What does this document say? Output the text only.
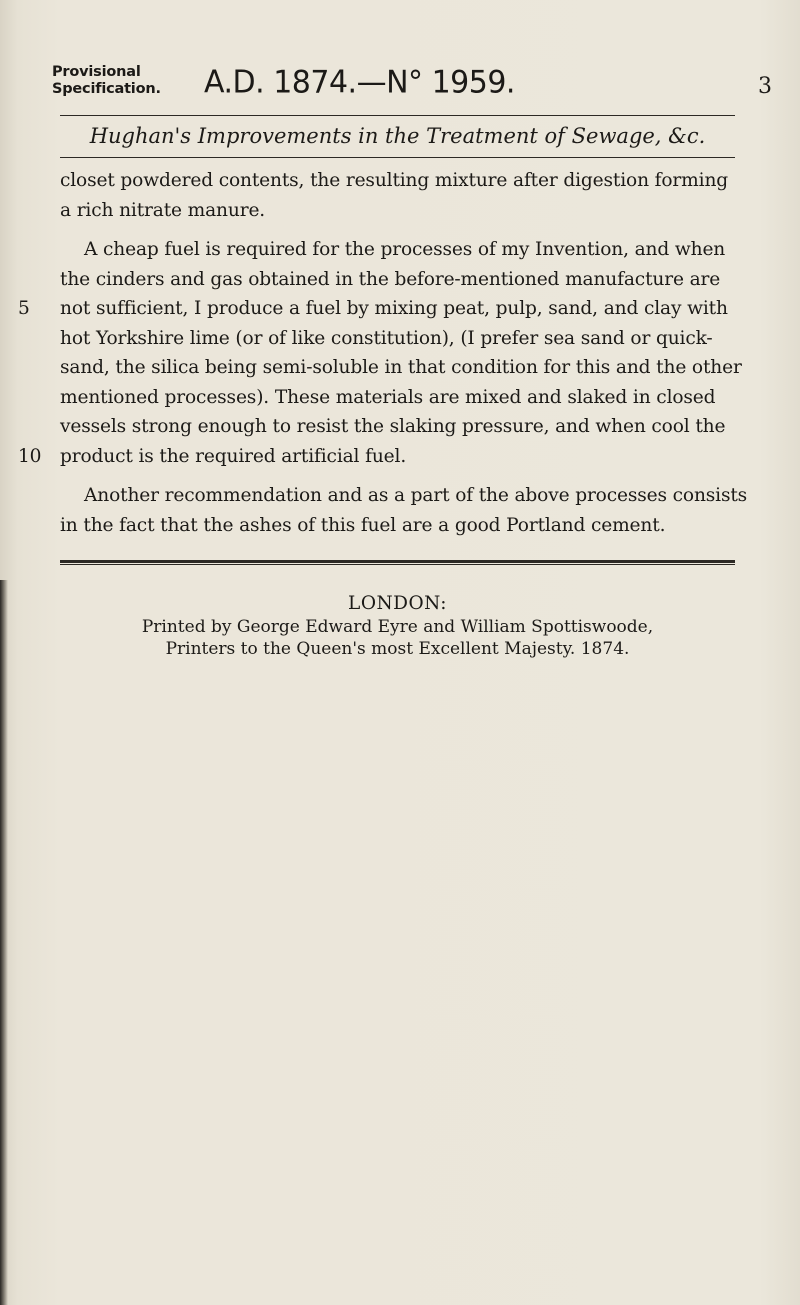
Provisional
Specification. A.D. 1874.—N° 1959.	3
Hughan's Improvements in the Treatment of Sewage, &c.
closet powdered contents, the resulting mixture after digestion forming
a rich nitrate manure.
A cheap fuel is required for the processes of my Invention, and when
the cinders and gas obtained in the before-mentioned manufacture are
5	not sufficient, I produce a fuel by mixing peat, pulp, sand, and clay with
hot Yorkshire lime (or of like constitution), (I prefer sea sand or quick-
sand, the silica being semi-soluble in that condition for this and the other
mentioned processes). These materials are mixed and slaked in closed
vessels strong enough to resist the slaking pressure, and when cool the
10	product is the required artificial fuel.
Another recommendation and as a part of the above processes consists
in the fact that the ashes of this fuel are a good Portland cement.
LONDON:
Printed by George Edward Eyre and William Spottiswoode,
Printers to the Queen's most Excellent Majesty. 1874.
